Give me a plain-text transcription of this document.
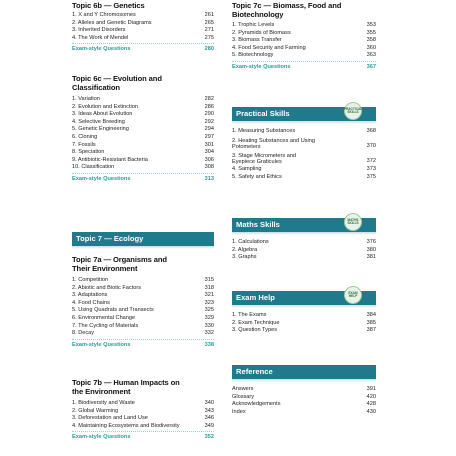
Topic 6b — Genetics
1. X and Y Chromosomes	261
2. Alleles and Genetic Diagrams	265
3. Inherited Disorders	271
4. The Work of Mendel	275
Exam-style Questions	280
Topic 6c — Evolution and
Classification
1. Variation	282
2. Evolution and Extinction	286
3. Ideas About Evolution	290
4. Selective Breeding	292
5. Genetic Engineering	294
6. Cloning	297
7. Fossils	301
8. Speciation	304
9. Antibiotic-Resistant Bacteria	306
10. Classification	308
Exam-style Questions	313
Topic 7 — Ecology
Topic 7a — Organisms and
Their Environment
1. Competition	315
2. Abiotic and Biotic Factors	318
3. Adaptations	321
4. Food Chains	323
5. Using Quadrats and Transects	325
6. Environmental Change	329
7. The Cycling of Materials	330
8. Decay	332
Exam-style Questions	338
Topic 7b — Human Impacts on
the Environment
1. Biodiversity and Waste	340
2. Global Warming	343
3. Deforestation and Land Use	346
4. Maintaining Ecosystems and Biodiversity	349
Exam-style Questions	352
Topic 7c — Biomass, Food and
Biotechnology
1. Trophic Levels	353
2. Pyramids of Biomass	355
3. Biomass Transfer	358
4. Food Security and Farming	360
5. Biotechnology	363
Exam-style Questions	367
Practical Skills
PRACTICAL SKILLS
1. Measuring Substances	368
2. Heating Substances and Using Potometers	370
3. Stage Micrometers and Eyepiece Graticules	372
4. Sampling	373
5. Safety and Ethics	375
Maths Skills
MATHS SKILLS
1. Calculations	376
2. Algebra	380
3. Graphs	381
Exam Help
EXAM HELP
1. The Exams	384
2. Exam Technique	385
3. Question Types	387
Reference
Answers	391
Glossary	420
Acknowledgements	428
Index	430
